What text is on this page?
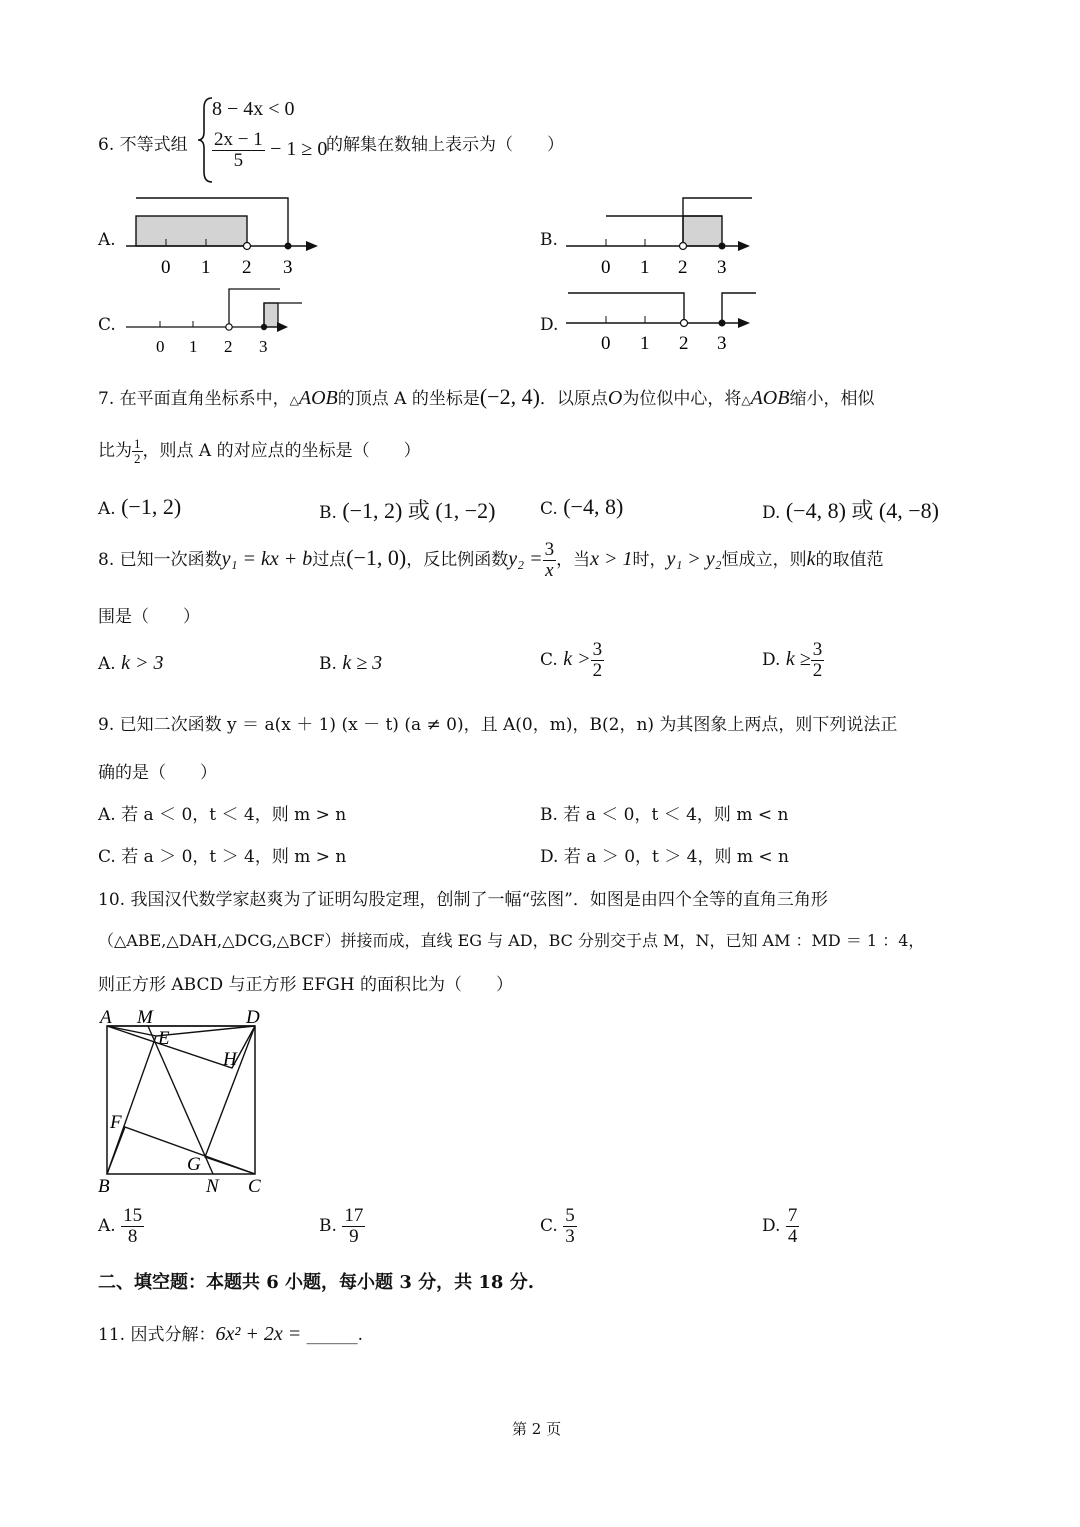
6. 不等式组
8 − 4x < 0
$\frac{2x - 1}{5} - 1 \ge 0$
的解集在数轴上表示为（　　）
A.
0 1 2 3
B.
0 1 2 3
C.
0 1 2 3
D.
0 1 2 3
7. 在平面直角坐标系中，△AOB的顶点 A 的坐标是(−2, 4)．以原点O为位似中心，将△AOB缩小，相似
比为 $\frac{1}{2}$ ，则点 A 的对应点的坐标是（　　）
A. (−1, 2)	B. (−1, 2) 或 (1, −2)	C. (−4, 8)	D. (−4, 8) 或 (4, −8)
8. 已知一次函数y₁ = kx + b过点(−1, 0)，反比例函数$y_2 = \frac{3}{x}$ ，当x > 1时，y₁ > y₂恒成立，则k的取值范
围是（　　）
A. k > 3	B. k ≥ 3	C. $k > \frac{3}{2}$	D. $k \ge \frac{3}{2}$
9. 已知二次函数 y ＝ a(x ＋ 1) (x － t) (a ≠ 0)，且 A(0，m)，B(2，n) 为其图象上两点，则下列说法正
确的是（　　）
A. 若 a ＜ 0，t ＜ 4，则 m > n	B. 若 a ＜ 0，t ＜ 4，则 m < n
C. 若 a ＞ 0，t ＞ 4，则 m > n	D. 若 a ＞ 0，t ＞ 4，则 m < n
10. 我国汉代数学家赵爽为了证明勾股定理，创制了一幅“弦图”．如图是由四个全等的直角三角形
（△ABE,△DAH,△DCG,△BCF）拼接而成，直线 EG 与 AD，BC 分别交于点 M，N，已知 AM ：MD ＝ 1 ：4，
则正方形 ABCD 与正方形 EFGH 的面积比为（　　）
A M	D
E
H
F
G
B	N C
A. $\frac{15}{8}$	B. $\frac{17}{9}$	C. $\frac{5}{3}$	D. $\frac{7}{4}$
二、填空题：本题共 6 小题，每小题 3 分，共 18 分.
11. 因式分解：6x² + 2x = ______.
第 2 页
